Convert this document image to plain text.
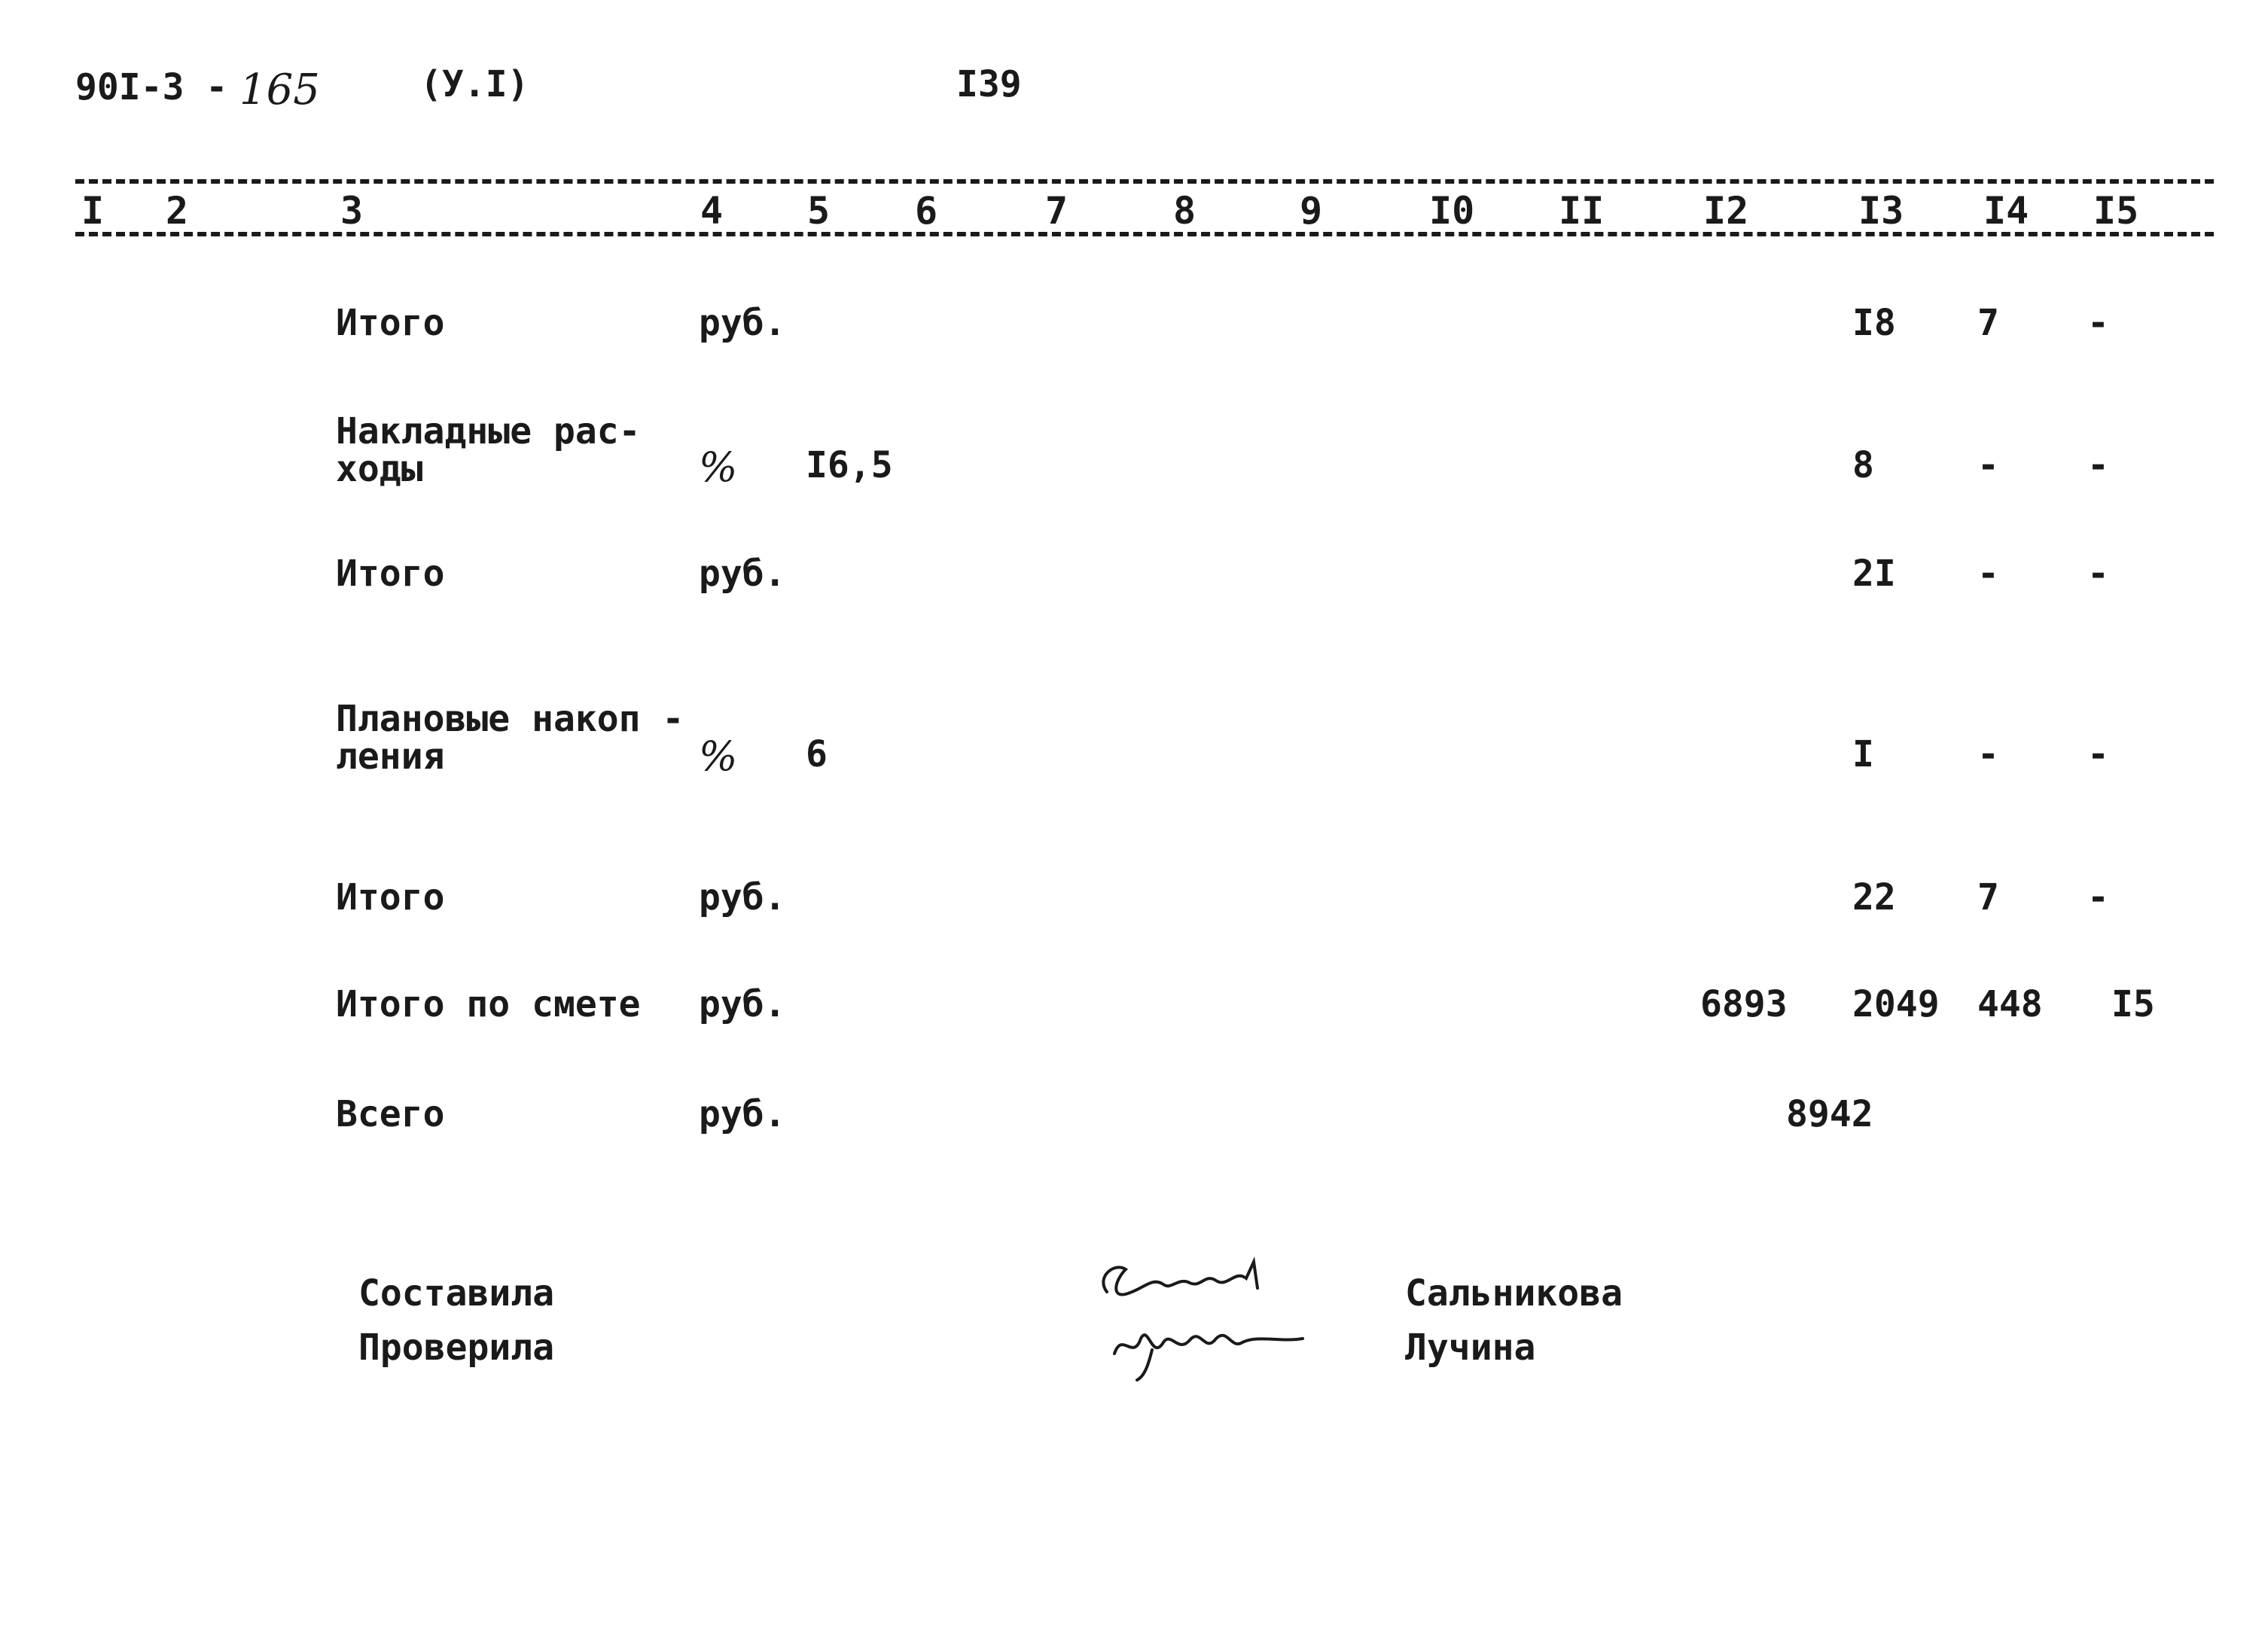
90I-3 - 165	(У.I)	I39
I 2	3	4 5 6	7	8	9	I0 II	I2	I3 I4 I5
Итого	руб.	I8 7 -
Накладные рас-
ходы	% I6,5	8	- -
Итого	руб.	2I - -
Плановые накоп -
ления	% 6	I	- -
Итого	руб.	22 7 -
Итого по смете руб.	6893 2049 448 I5
Всего	руб.	8942
Составила
Проверила
Сальникова
Лучина
